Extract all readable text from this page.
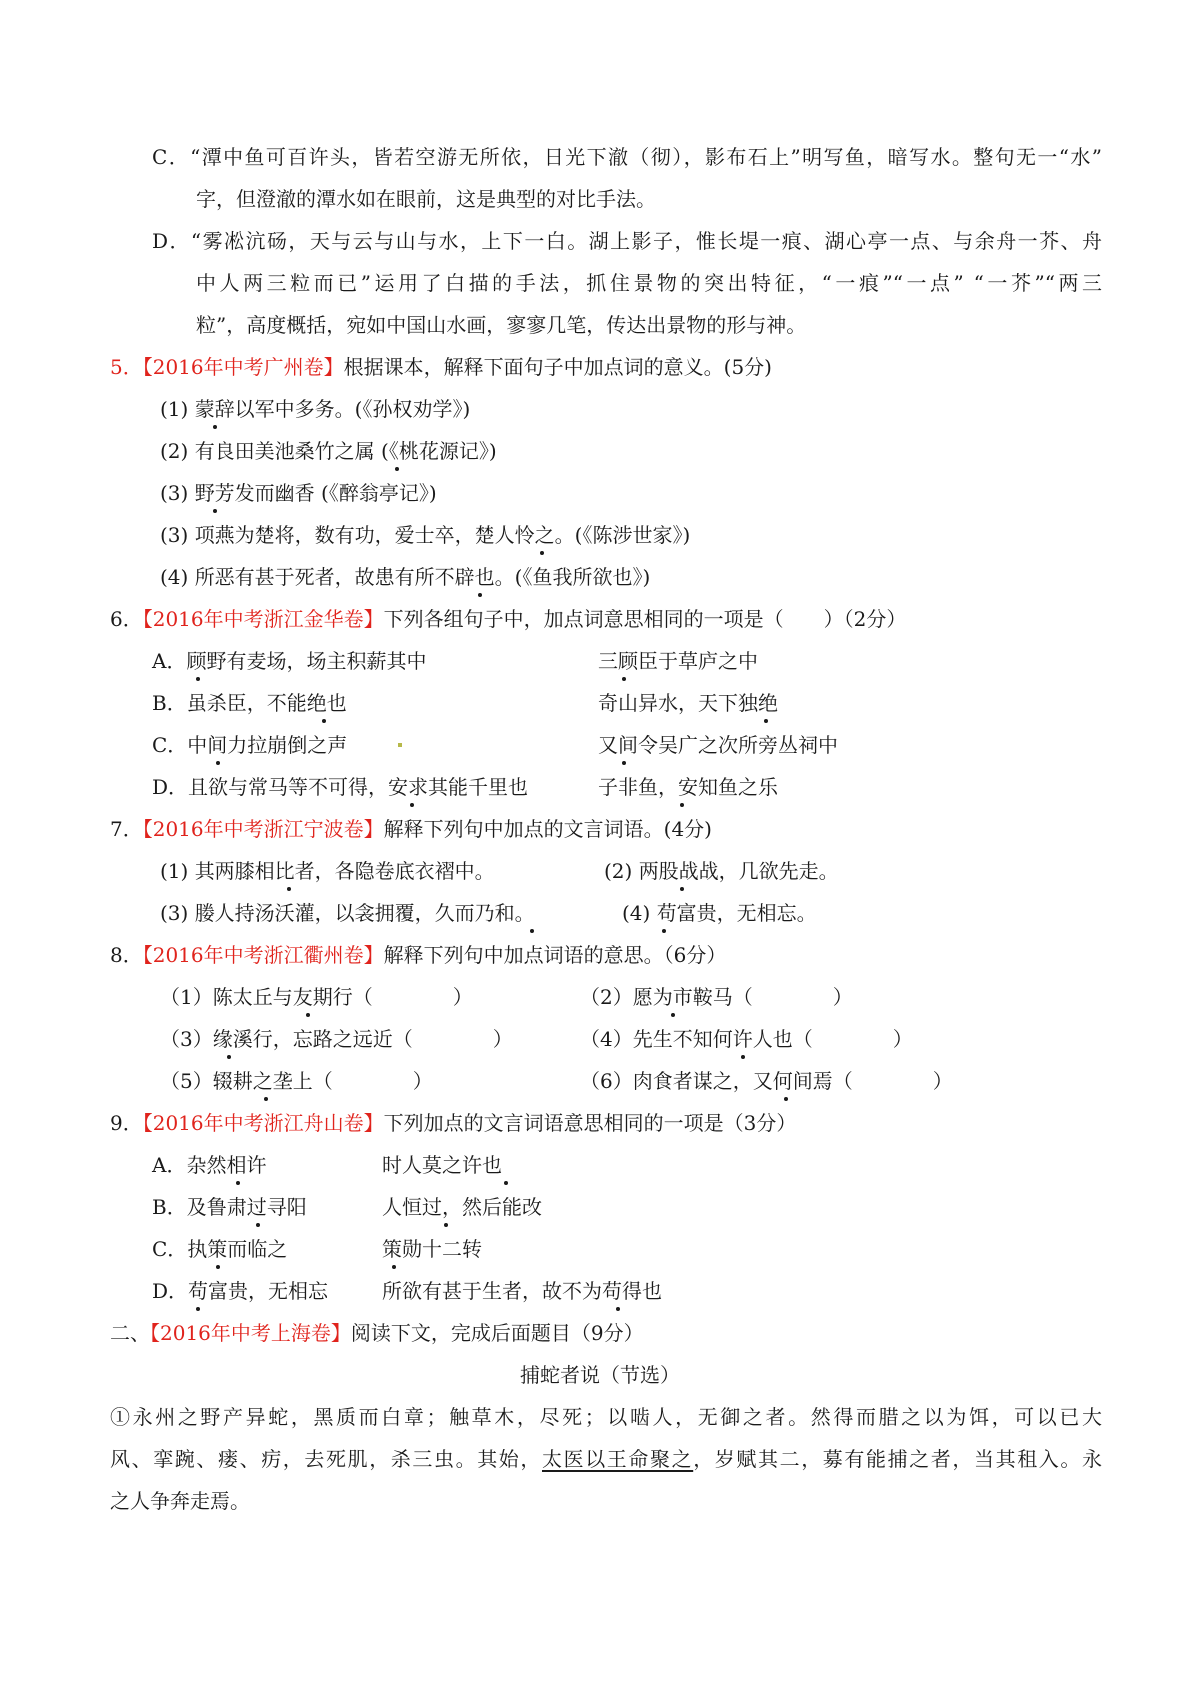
C．“潭中鱼可百许头，皆若空游无所依，日光下澈（彻），影布石上”明写鱼，暗写水。整句无一“水”
字，但澄澈的潭水如在眼前，这是典型的对比手法。
D．“雾凇沆砀，天与云与山与水，上下一白。湖上影子，惟长堤一痕、湖心亭一点、与余舟一芥、舟
中人两三粒而已”运用了白描的手法，抓住景物的突出特征，“一痕”“一点” “一芥”“两三
粒”，高度概括，宛如中国山水画，寥寥几笔，传达出景物的形与神。
5．【2016年中考广州卷】根据课本，解释下面句子中加点词的意义。(5分)
(1) 蒙辞以军中多务。(《孙权劝学》)
(2) 有良田美池桑竹之属 (《桃花源记》)
(3) 野芳发而幽香 (《醉翁亭记》)
(3) 项燕为楚将，数有功，爱士卒，楚人怜之。(《陈涉世家》)
(4) 所恶有甚于死者，故患有所不辟也。(《鱼我所欲也》)
6．【2016年中考浙江金华卷】下列各组句子中，加点词意思相同的一项是（　　）（2分）
A．顾野有麦场，场主积薪其中	三顾臣于草庐之中
B．虽杀臣，不能绝也	奇山异水，天下独绝
C．中间力拉崩倒之声	又间令吴广之次所旁丛祠中
D．且欲与常马等不可得，安求其能千里也	子非鱼，安知鱼之乐
7．【2016年中考浙江宁波卷】解释下列句中加点的文言词语。(4分)
(1) 其两膝相比者，各隐卷底衣褶中。	(2) 两股战战，几欲先走。
(3) 媵人持汤沃灌，以衾拥覆，久而乃和。	(4) 苟富贵，无相忘。
8．【2016年中考浙江衢州卷】解释下列句中加点词语的意思。（6分）
（1）陈太丘与友期行（　　　　）	（2）愿为市鞍马（　　　　）
（3）缘溪行，忘路之远近（　　　　）	（4）先生不知何许人也（　　　　）
（5）辍耕之垄上（　　　　）	（6）肉食者谋之，又何间焉（　　　　）
9．【2016年中考浙江舟山卷】下列加点的文言词语意思相同的一项是（3分）
A．杂然相许	时人莫之许也
B．及鲁肃过寻阳	人恒过，然后能改
C．执策而临之	策勋十二转
D．苟富贵，无相忘	所欲有甚于生者，故不为苟得也
二、【2016年中考上海卷】阅读下文，完成后面题目（9分）
捕蛇者说（节选）
①永州之野产异蛇，黑质而白章；触草木，尽死；以啮人，无御之者。然得而腊之以为饵，可以已大
风、挛踠、瘘、疠，去死肌，杀三虫。其始，太医以王命聚之，岁赋其二，募有能捕之者，当其租入。永
之人争奔走焉。
